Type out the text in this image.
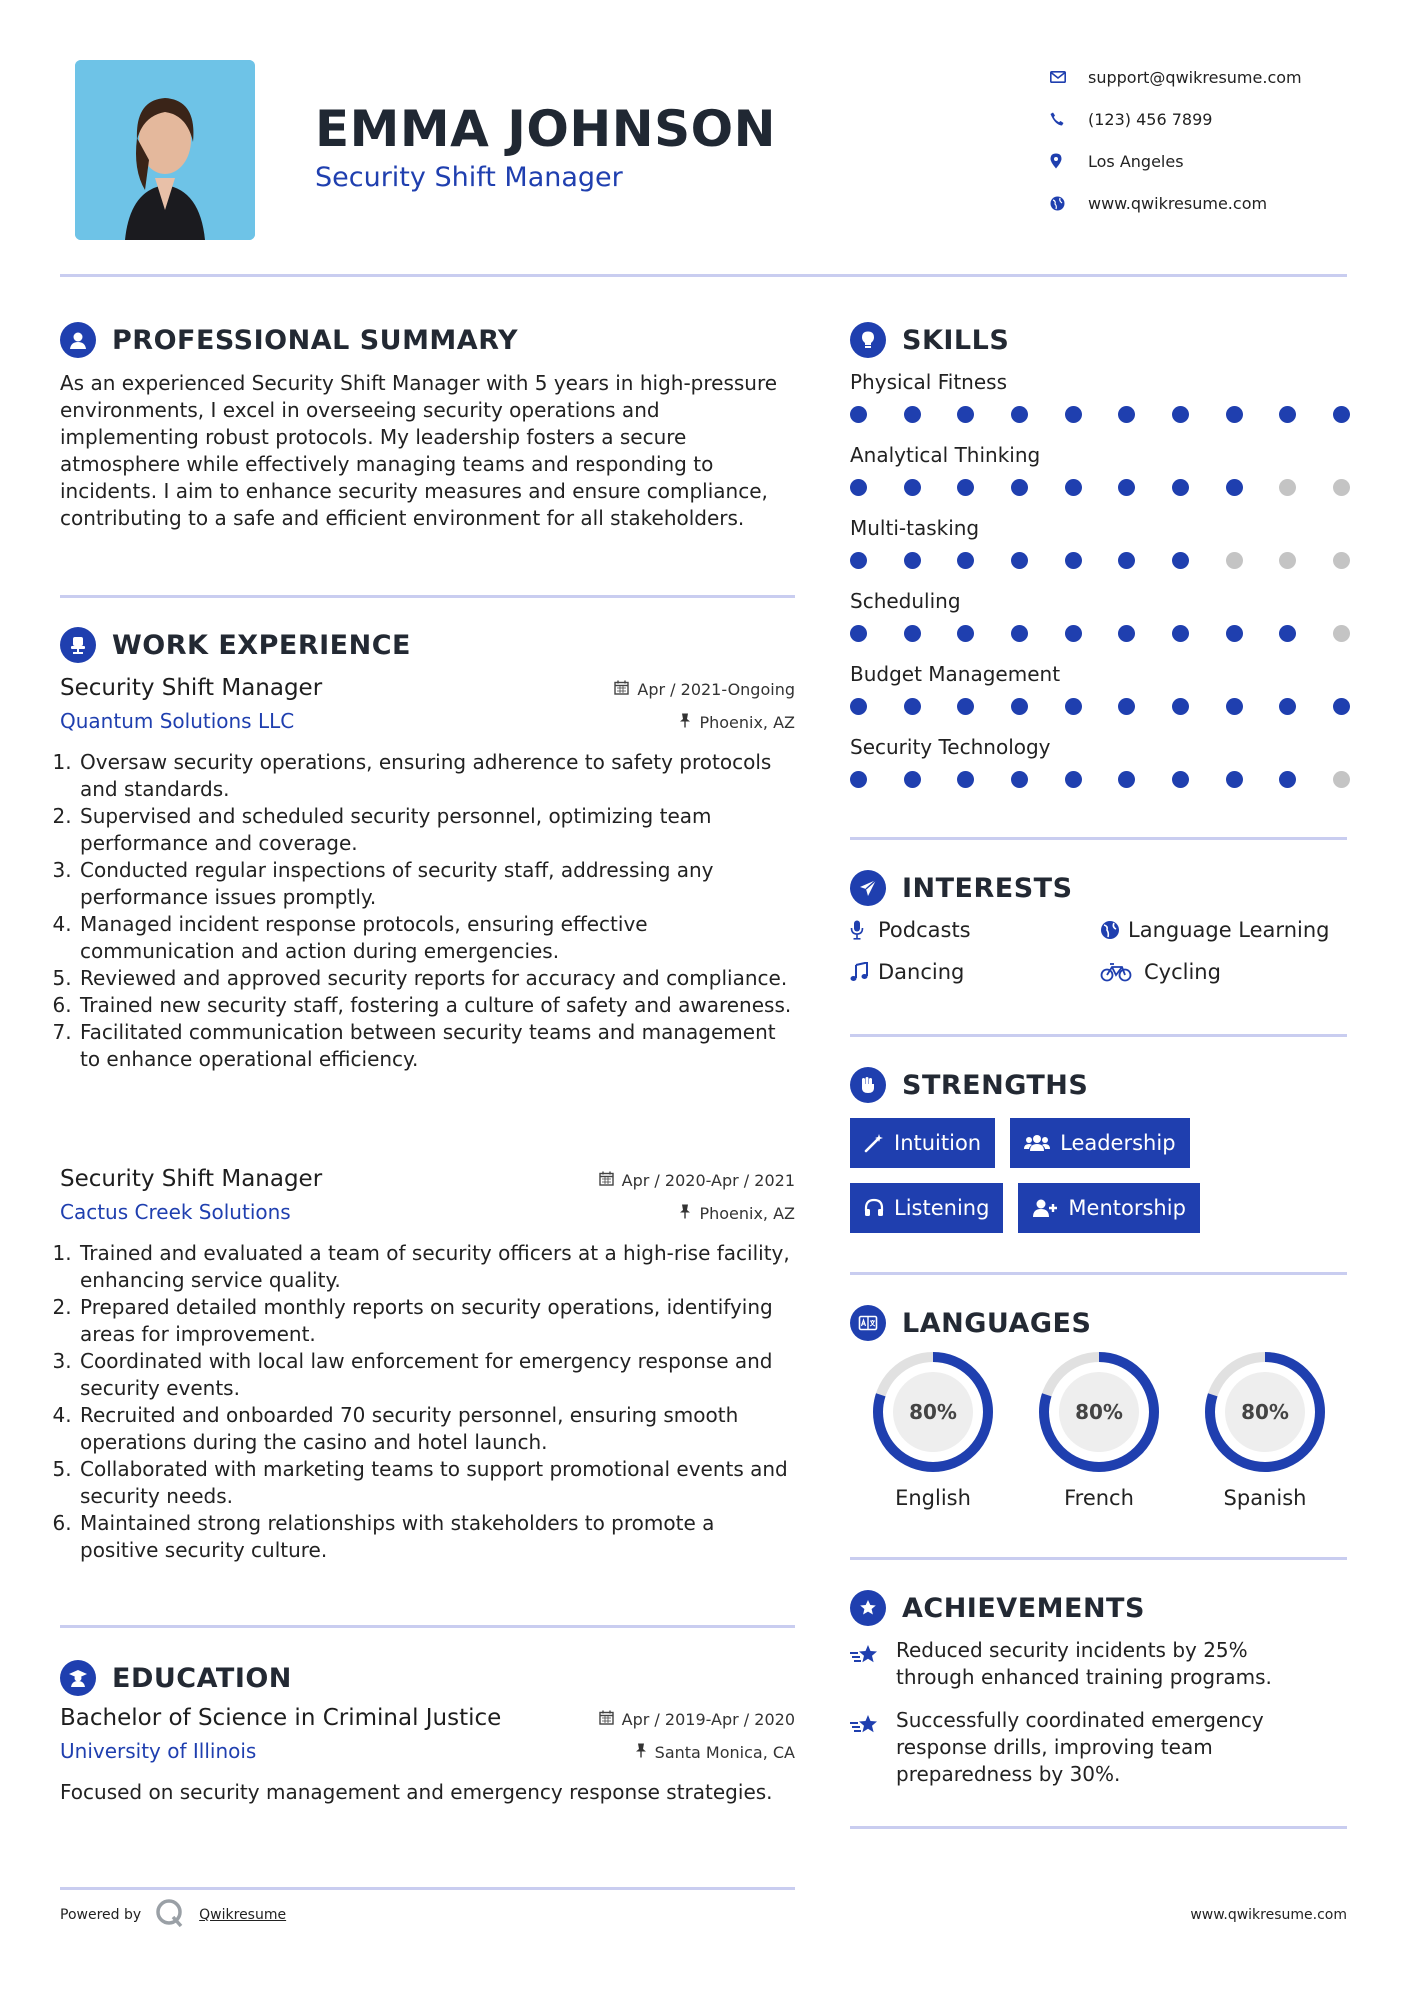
EMMA JOHNSON
Security Shift Manager
support@qwikresume.com
(123) 456 7899
Los Angeles
www.qwikresume.com
PROFESSIONAL SUMMARY
As an experienced Security Shift Manager with 5 years in high-pressure environments, I excel in overseeing security operations and implementing robust protocols. My leadership fosters a secure atmosphere while effectively managing teams and responding to incidents. I aim to enhance security measures and ensure compliance, contributing to a safe and efficient environment for all stakeholders.
WORK EXPERIENCE
Security Shift Manager	Apr / 2021-Ongoing
Quantum Solutions LLC	Phoenix, AZ
1. Oversaw security operations, ensuring adherence to safety protocols and standards.
2. Supervised and scheduled security personnel, optimizing team performance and coverage.
3. Conducted regular inspections of security staff, addressing any performance issues promptly.
4. Managed incident response protocols, ensuring effective communication and action during emergencies.
5. Reviewed and approved security reports for accuracy and compliance.
6. Trained new security staff, fostering a culture of safety and awareness.
7. Facilitated communication between security teams and management to enhance operational efficiency.
Security Shift Manager	Apr / 2020-Apr / 2021
Cactus Creek Solutions	Phoenix, AZ
1. Trained and evaluated a team of security officers at a high-rise facility, enhancing service quality.
2. Prepared detailed monthly reports on security operations, identifying areas for improvement.
3. Coordinated with local law enforcement for emergency response and security events.
4. Recruited and onboarded 70 security personnel, ensuring smooth operations during the casino and hotel launch.
5. Collaborated with marketing teams to support promotional events and security needs.
6. Maintained strong relationships with stakeholders to promote a positive security culture.
EDUCATION
Bachelor of Science in Criminal Justice	Apr / 2019-Apr / 2020
University of Illinois	Santa Monica, CA
Focused on security management and emergency response strategies.
SKILLS
Physical Fitness
Analytical Thinking
Multi-tasking
Scheduling
Budget Management
Security Technology
INTERESTS
Podcasts	Language Learning
Dancing	Cycling
STRENGTHS
Intuition	Leadership
Listening	Mentorship
LANGUAGES
80%
English
80%
French
80%
Spanish
ACHIEVEMENTS
Reduced security incidents by 25% through enhanced training programs.
Successfully coordinated emergency response drills, improving team preparedness by 30%.
Powered by	Qwikresume	www.qwikresume.com
